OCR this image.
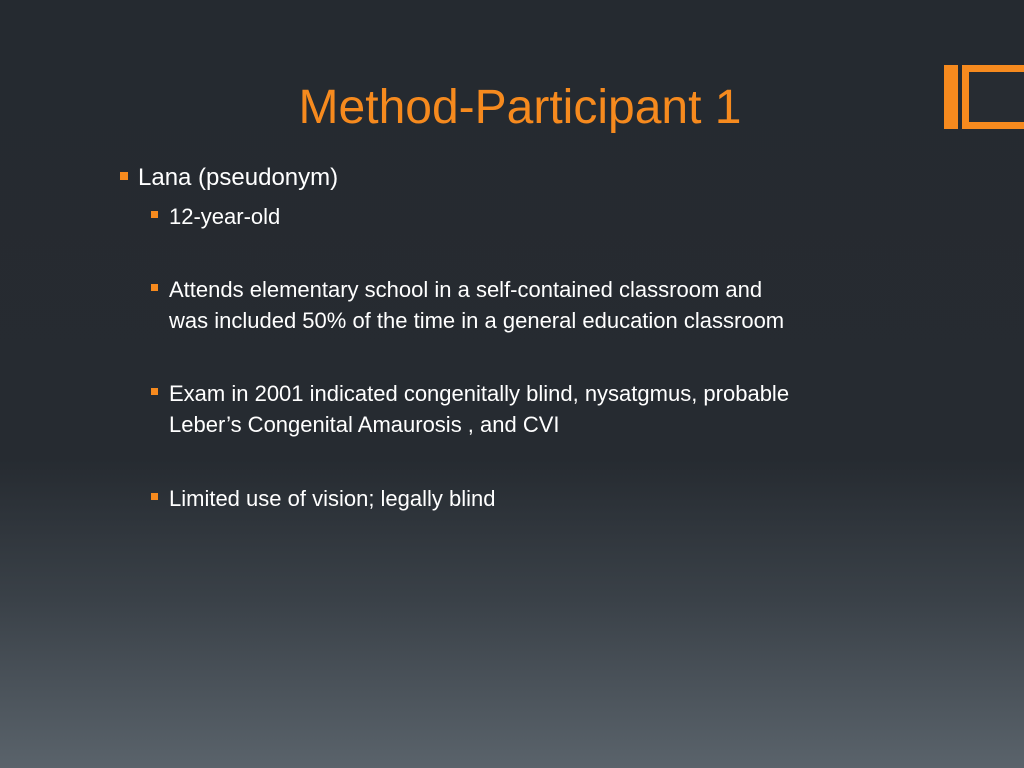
Method-Participant 1
Lana (pseudonym)
12-year-old
Attends elementary school in a self-contained classroom and
was included 50% of the time in a general education classroom
Exam in 2001 indicated congenitally blind, nysatgmus, probable
Leber’s Congenital Amaurosis , and CVI
Limited use of vision; legally blind
